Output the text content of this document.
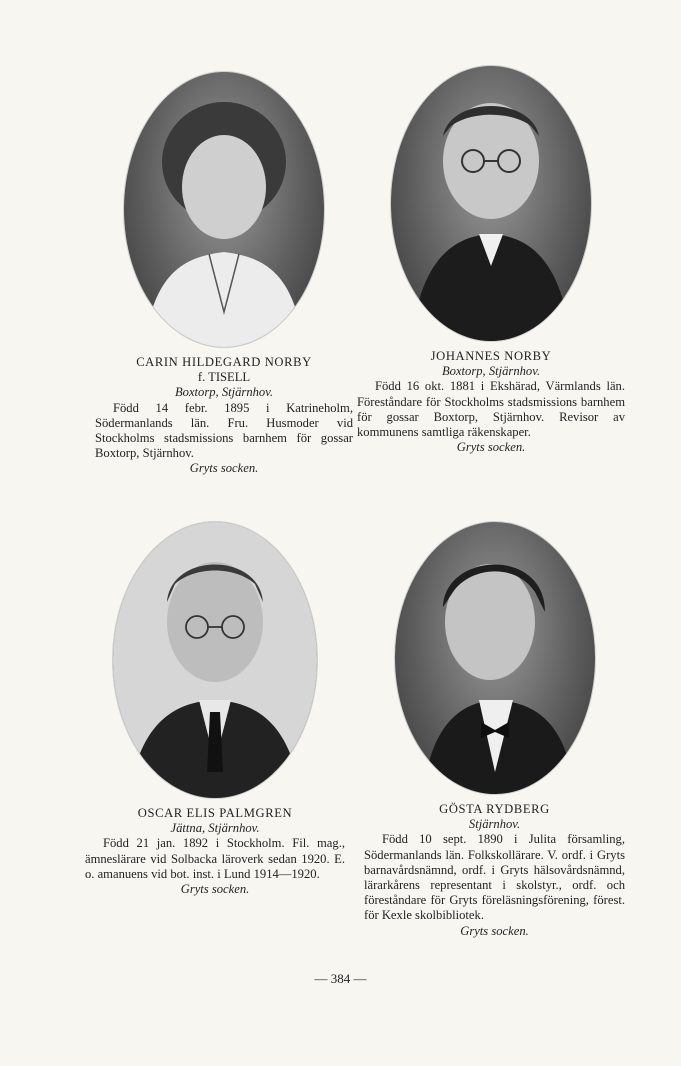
CARIN HILDEGARD NORBY
f. TISELL
Boxtorp, Stjärnhov.
Född 14 febr. 1895 i Katrineholm, Södermanlands län. Fru. Husmoder vid Stockholms stadsmissions barnhem för gossar Boxtorp, Stjärnhov.
Gryts socken.
JOHANNES NORBY
Boxtorp, Stjärnhov.
Född 16 okt. 1881 i Ekshärad, Värmlands län. Föreståndare för Stockholms stadsmissions barnhem för gossar Boxtorp, Stjärnhov. Revisor av kommunens samtliga räkenskaper.
Gryts socken.
OSCAR ELIS PALMGREN
Jättna, Stjärnhov.
Född 21 jan. 1892 i Stockholm. Fil. mag., ämneslärare vid Solbacka läroverk sedan 1920. E. o. amanuens vid bot. inst. i Lund 1914—1920.
Gryts socken.
GÖSTA RYDBERG
Stjärnhov.
Född 10 sept. 1890 i Julita församling, Södermanlands län. Folkskollärare. V. ordf. i Gryts barnavårdsnämnd, ordf. i Gryts hälsovårdsnämnd, lärarkårens representant i skolstyr., ordf. och föreståndare för Gryts föreläsningsförening, förest. för Kexle skolbibliotek.
Gryts socken.
— 384 —
